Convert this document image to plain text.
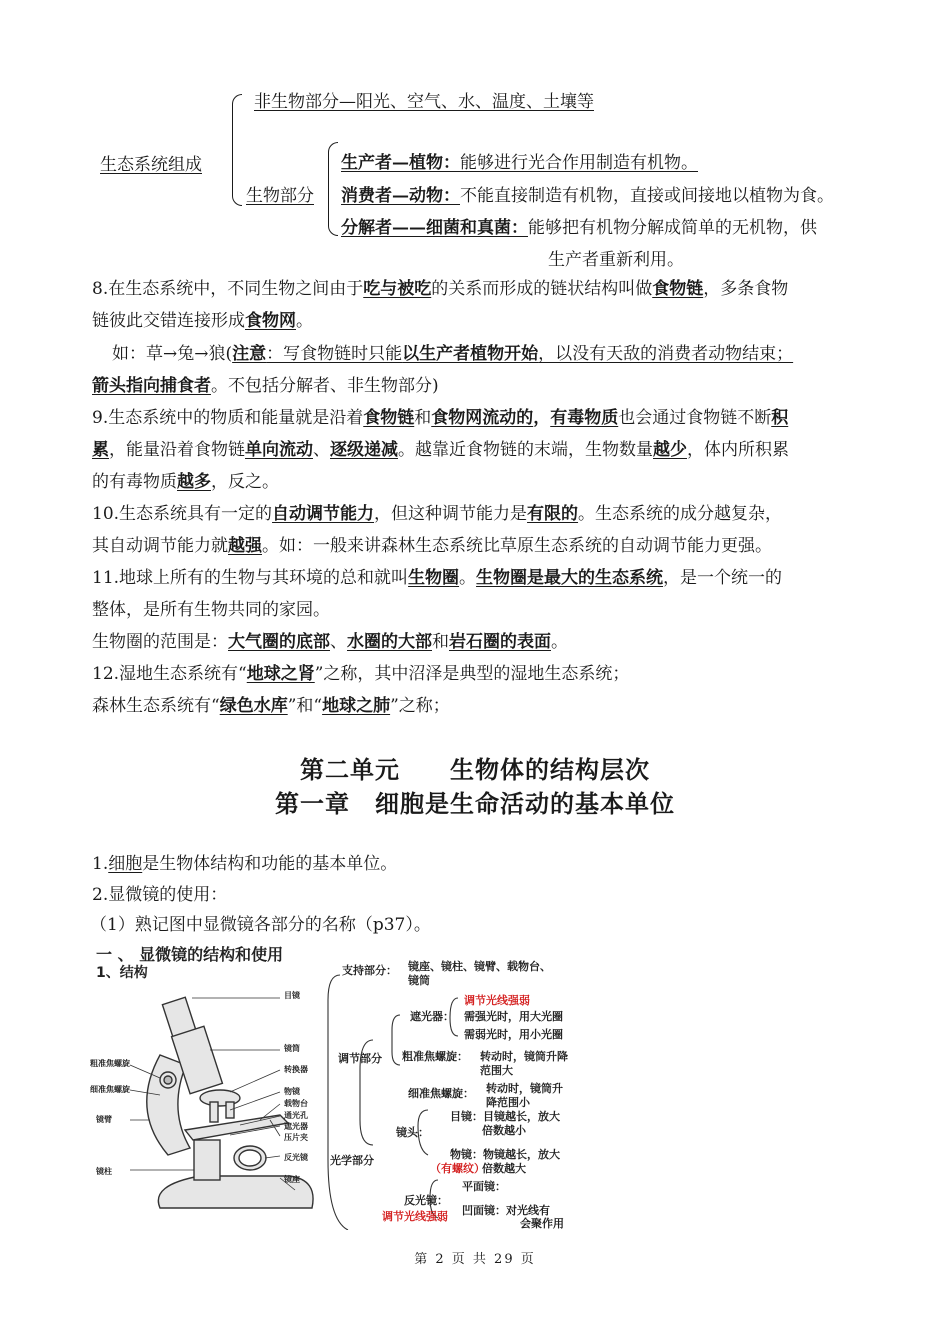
生态系统组成
非生物部分—阳光、空气、水、温度、土壤等
生物部分
生产者—植物：能够进行光合作用制造有机物。
消费者—动物：不能直接制造有机物，直接或间接地以植物为食。
分解者——细菌和真菌：能够把有机物分解成简单的无机物，供
生产者重新利用。
8.在生态系统中，不同生物之间由于吃与被吃的关系而形成的链状结构叫做食物链，多条食物
链彼此交错连接形成食物网。
如：草→兔→狼(注意：写食物链时只能以生产者植物开始，以没有天敌的消费者动物结束；
箭头指向捕食者。不包括分解者、非生物部分)
9.生态系统中的物质和能量就是沿着食物链和食物网流动的，有毒物质也会通过食物链不断积
累，能量沿着食物链单向流动、逐级递减。越靠近食物链的末端，生物数量越少，体内所积累
的有毒物质越多，反之。
10.生态系统具有一定的自动调节能力，但这种调节能力是有限的。生态系统的成分越复杂，
其自动调节能力就越强。如：一般来讲森林生态系统比草原生态系统的自动调节能力更强。
11.地球上所有的生物与其环境的总和就叫生物圈。生物圈是最大的生态系统，是一个统一的
整体，是所有生物共同的家园。
生物圈的范围是：大气圈的底部、水圈的大部和岩石圈的表面。
12.湿地生态系统有“地球之肾”之称，其中沼泽是典型的湿地生态系统；
森林生态系统有“绿色水库”和“地球之肺”之称；
第二单元　　生物体的结构层次
第一章　细胞是生命活动的基本单位
1.细胞是生物体结构和功能的基本单位。
2.显微镜的使用：
（1）熟记图中显微镜各部分的名称（p37）。
一 、 显微镜的结构和使用
1、结构
目镜
镜筒
转换器
物镜
载物台
通光孔
遮光器
压片夹
反光镜
镜座
粗准焦螺旋
细准焦螺旋
镜臂
镜柱
支持部分： 镜座、镜柱、镜臂、载物台、
镜筒
调节部分
遮光器：
调节光线强弱
需强光时，用大光圈
需弱光时，用小光圈
粗准焦螺旋： 转动时，镜筒升降
范围大
细准焦螺旋： 转动时，镜筒升
降范围小
光学部分
镜头：
目镜：目镜越长，放大
倍数越小
物镜：物镜越长，放大
倍数越大
（有螺纹）
反光镜：
调节光线强弱
平面镜：
凹面镜：对光线有
会聚作用
第 2 页 共 29 页
